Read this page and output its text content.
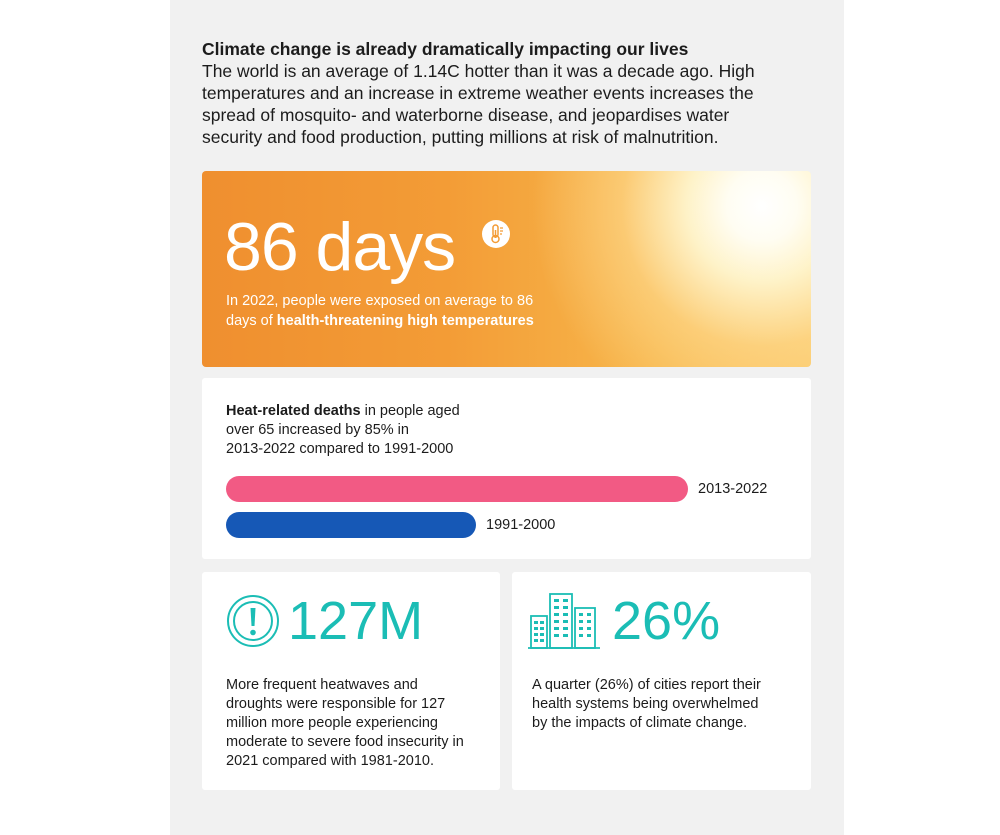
Climate change is already dramatically impacting our lives

The world is an average of 1.14C hotter than it was a decade ago. High
temperatures and an increase in extreme weather events increases the
spread of mosquito- and waterborne disease, and jeopardises water
security and food production, putting millions at risk of malnutrition.

86 days
In 2022, people were exposed on average to 86
days of health-threatening high temperatures
Heat-related deaths in people aged
over 65 increased by 85% in
2013-2022 compared to 1991-2000
2013-2022
1991-2000
127M
More frequent heatwaves and
droughts were responsible for 127
million more people experiencing
moderate to severe food insecurity in
2021 compared with 1981-2010.
26%
A quarter (26%) of cities report their
health systems being overwhelmed
by the impacts of climate change.
